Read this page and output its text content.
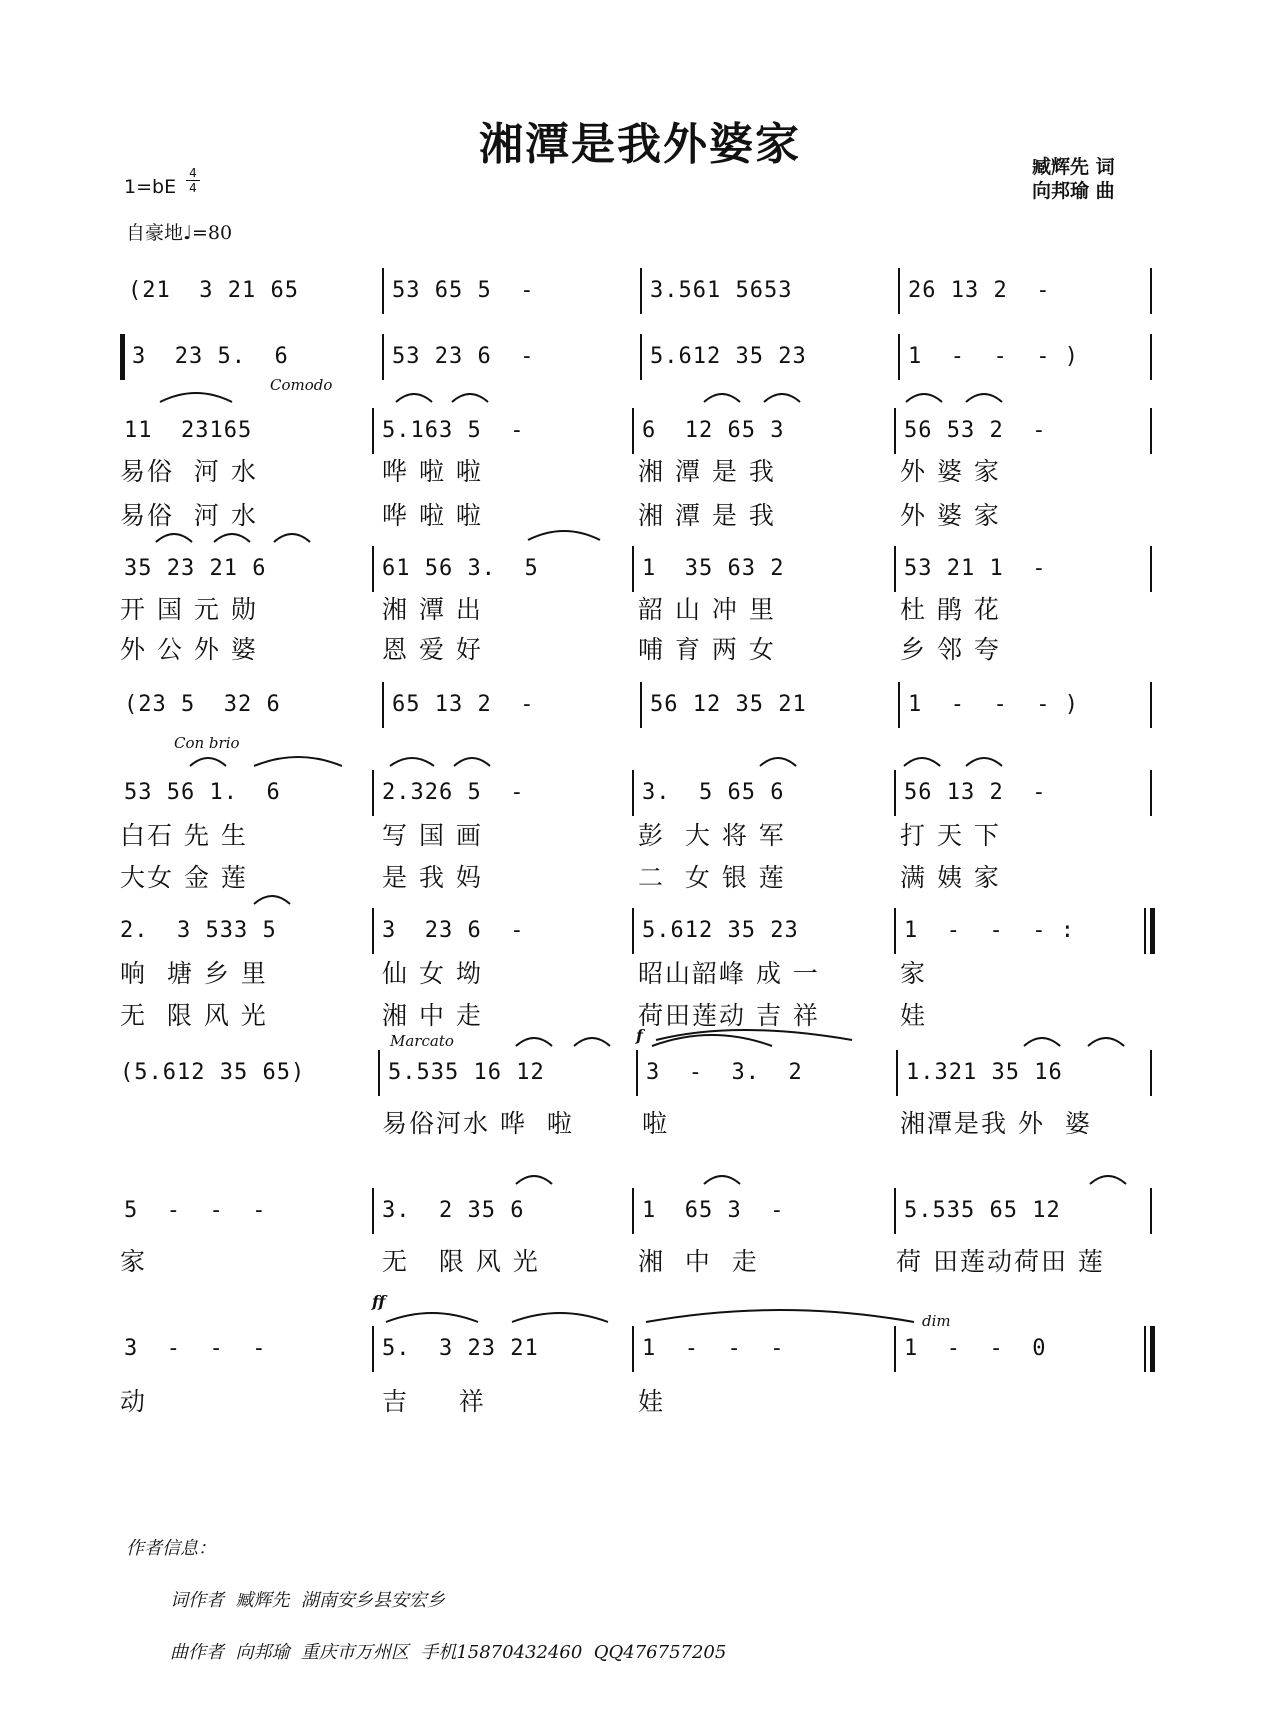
湘潭是我外婆家	臧辉先 词
向邦瑜 曲
1=bE
4
4
自豪地♩=80
Comodo
Con brio
Marcato	f
ff
dim
(21  3 21 65	53 65 5  -	3.561 5653	26 13 2  -
3  23 5.  6	53 23 6  -	5.612 35 23	1  -  -  - )
11  23165	5.163 5  -	6  12 65 3	56 53 2  -
易俗  河 水	哗 啦 啦	湘 潭 是 我	外 婆 家
易俗  河 水	哗 啦 啦	湘 潭 是 我	外 婆 家
35 23 21 6	61 56 3.  5	1  35 63 2	53 21 1  -
开 国 元 勋	湘 潭 出	韶 山 冲 里	杜 鹃 花
外 公 外 婆	恩 爱 好	哺 育 两 女	乡 邻 夸
(23 5  32 6	65 13 2  -	56 12 35 21	1  -  -  - )
53 56 1.  6	2.326 5  -	3.  5 65 6	56 13 2  -
白石 先 生	写 国 画	彭  大 将 军	打 天 下
大女 金 莲	是 我 妈	二  女 银 莲	满 姨 家
2.  3 533 5	3  23 6  -	5.612 35 23	1  -  -  - :
响  塘 乡 里	仙 女 坳	昭山韶峰 成 一	家
无  限 风 光	湘 中 走	荷田莲动 吉 祥	娃
(5.612 35 65)	5.535 16 12	3  -  3.  2	1.321 35 16
易俗河水 哗  啦	啦	湘潭是我 外  婆
5  -  -  -	3.  2 35 6	1  65 3  -	5.535 65 12
家	无   限 风 光	湘  中  走	荷 田莲动荷田 莲
3  -  -  -	5.  3 23 21	1  -  -  -	1  -  -  0
动	吉     祥	娃
作者信息：
词作者  臧辉先  湖南安乡县安宏乡
曲作者  向邦瑜  重庆市万州区  手机15870432460  QQ476757205
